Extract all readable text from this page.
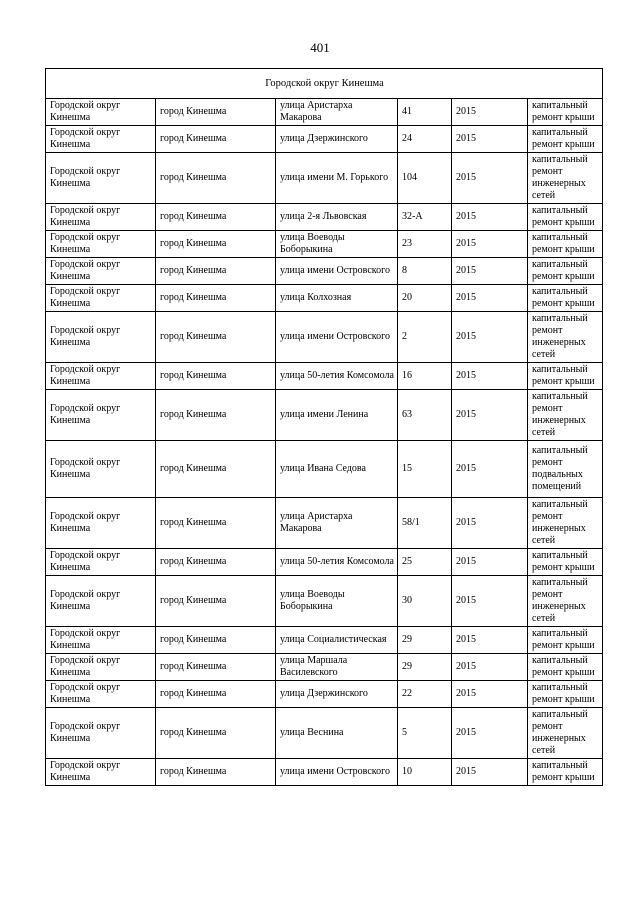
401
Городской округ Кинешма					
Городской округ Кинешма	город Кинешма	улица Аристарха Макарова	41	2015	капитальный ремонт крыши
Городской округ Кинешма	город Кинешма	улица Дзержинского	24	2015	капитальный ремонт крыши
Городской округ Кинешма	город Кинешма	улица имени М. Горького	104	2015	капитальный ремонт инженерных сетей
Городской округ Кинешма	город Кинешма	улица 2-я Львовская	32-А	2015	капитальный ремонт крыши
Городской округ Кинешма	город Кинешма	улица Воеводы Боборыкина	23	2015	капитальный ремонт крыши
Городской округ Кинешма	город Кинешма	улица имени Островского	8	2015	капитальный ремонт крыши
Городской округ Кинешма	город Кинешма	улица Колхозная	20	2015	капитальный ремонт крыши
Городской округ Кинешма	город Кинешма	улица имени Островского	2	2015	капитальный ремонт инженерных сетей
Городской округ Кинешма	город Кинешма	улица 50-летия Комсомола	16	2015	капитальный ремонт крыши
Городской округ Кинешма	город Кинешма	улица имени Ленина	63	2015	капитальный ремонт инженерных сетей
Городской округ Кинешма	город Кинешма	улица Ивана Седова	15	2015	капитальный ремонт подвальных помещений
Городской округ Кинешма	город Кинешма	улица Аристарха Макарова	58/1	2015	капитальный ремонт инженерных сетей
Городской округ Кинешма	город Кинешма	улица 50-летия Комсомола	25	2015	капитальный ремонт крыши
Городской округ Кинешма	город Кинешма	улица Воеводы Боборыкина	30	2015	капитальный ремонт инженерных сетей
Городской округ Кинешма	город Кинешма	улица Социалистическая	29	2015	капитальный ремонт крыши
Городской округ Кинешма	город Кинешма	улица Маршала Василевского	29	2015	капитальный ремонт крыши
Городской округ Кинешма	город Кинешма	улица Дзержинского	22	2015	капитальный ремонт крыши
Городской округ Кинешма	город Кинешма	улица Веснина	5	2015	капитальный ремонт инженерных сетей
Городской округ Кинешма	город Кинешма	улица имени Островского	10	2015	капитальный ремонт крыши
